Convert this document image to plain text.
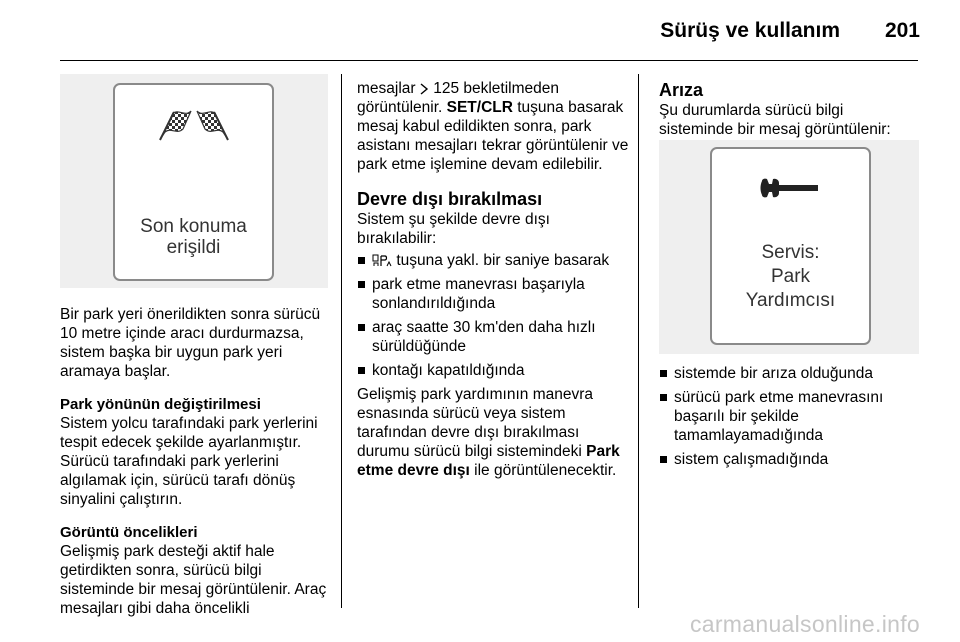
Sürüş ve kullanım 201
Son konuma
erişildi

Bir park yeri önerildikten sonra sürücü 10 metre içinde aracı durdurmazsa, sistem başka bir uygun park yeri aramaya başlar.

Park yönünün değiştirilmesi

Sistem yolcu tarafındaki park yerlerini tespit edecek şekilde ayarlanmıştır. Sürücü tarafındaki park yerlerini algılamak için, sürücü tarafı dönüş sinyalini çalıştırın.

Görüntü öncelikleri

Gelişmiş park desteği aktif hale getirdikten sonra, sürücü bilgi sisteminde bir mesaj görüntülenir. Araç mesajları gibi daha öncelikli

mesajlar 125 bekletilmeden görüntülenir. SET/CLR tuşuna basarak mesaj kabul edildikten sonra, park asistanı mesajları tekrar görüntülenir ve park etme işlemine devam edilebilir.

Devre dışı bırakılması
Sistem şu şekilde devre dışı bırakılabilir:
tuşuna yakl. bir saniye basarak
park etme manevrası başarıyla sonlandırıldığında
araç saatte 30 km'den daha hızlı sürüldüğünde
kontağı kapatıldığında

Gelişmiş park yardımının manevra esnasında sürücü veya sistem tarafından devre dışı bırakılması durumu sürücü bilgi sistemindeki Park etme devre dışı ile görüntülenecektir.

Arıza
Şu durumlarda sürücü bilgi sisteminde bir mesaj görüntülenir:
Servis:
Park
Yardımcısı
sistemde bir arıza olduğunda
sürücü park etme manevrasını başarılı bir şekilde tamamlayamadığında
sistem çalışmadığında
carmanualsonline.info
